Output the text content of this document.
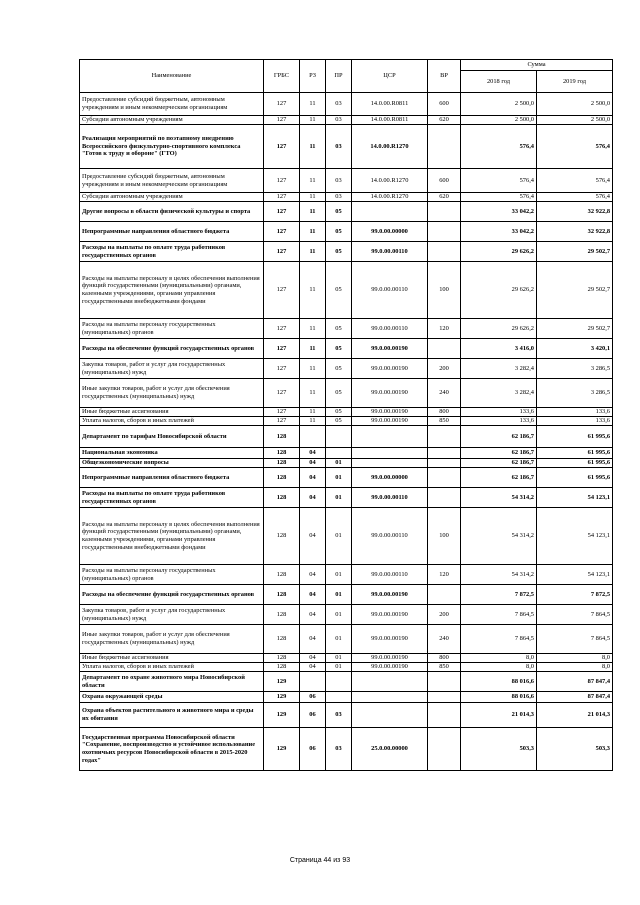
Наименование	ГРБС	РЗ	ПР	ЦСР	ВР	Сумма	
						2018 год	2019 год
Предоставление субсидий бюджетным, автономным учреждениям и иным некоммерческим организациям	127	11	03	14.0.00.R0811	600	2 500,0	2 500,0
Субсидии автономным учреждениям	127	11	03	14.0.00.R0811	620	2 500,0	2 500,0
Реализация мероприятий по поэтапному внедрению Всероссийского физкультурно-спортивного комплекса "Готов к труду и обороне" (ГТО)	127	11	03	14.0.00.R1270		576,4	576,4
Предоставление субсидий бюджетным, автономным учреждениям и иным некоммерческим организациям	127	11	03	14.0.00.R1270	600	576,4	576,4
Субсидии автономным учреждениям	127	11	03	14.0.00.R1270	620	576,4	576,4
Другие вопросы в области физической культуры и спорта	127	11	05			33 042,2	32 922,8
Непрограммные направления областного бюджета	127	11	05	99.0.00.00000		33 042,2	32 922,8
Расходы на выплаты по оплате труда работников государственных органов	127	11	05	99.0.00.00110		29 626,2	29 502,7
Расходы на выплаты персоналу в целях обеспечения выполнения функций государственными (муниципальными) органами, казенными учреждениями, органами управления государственными внебюджетными фондами	127	11	05	99.0.00.00110	100	29 626,2	29 502,7
Расходы на выплаты персоналу государственных (муниципальных) органов	127	11	05	99.0.00.00110	120	29 626,2	29 502,7
Расходы на обеспечение функций государственных органов	127	11	05	99.0.00.00190		3 416,0	3 420,1
Закупка товаров, работ и услуг для государственных (муниципальных) нужд	127	11	05	99.0.00.00190	200	3 282,4	3 286,5
Иные закупки товаров, работ и услуг для обеспечения государственных (муниципальных) нужд	127	11	05	99.0.00.00190	240	3 282,4	3 286,5
Иные бюджетные ассигнования	127	11	05	99.0.00.00190	800	133,6	133,6
Уплата налогов, сборов и иных платежей	127	11	05	99.0.00.00190	850	133,6	133,6
Департамент по тарифам Новосибирской области	128					62 186,7	61 995,6
Национальная экономика	128	04				62 186,7	61 995,6
Общеэкономические вопросы	128	04	01			62 186,7	61 995,6
Непрограммные направления областного бюджета	128	04	01	99.0.00.00000		62 186,7	61 995,6
Расходы на выплаты по оплате труда работников государственных органов	128	04	01	99.0.00.00110		54 314,2	54 123,1
Расходы на выплаты персоналу в целях обеспечения выполнения функций государственными (муниципальными) органами, казенными учреждениями, органами управления государственными внебюджетными фондами	128	04	01	99.0.00.00110	100	54 314,2	54 123,1
Расходы на выплаты персоналу государственных (муниципальных) органов	128	04	01	99.0.00.00110	120	54 314,2	54 123,1
Расходы на обеспечение функций государственных органов	128	04	01	99.0.00.00190		7 872,5	7 872,5
Закупка товаров, работ и услуг для государственных (муниципальных) нужд	128	04	01	99.0.00.00190	200	7 864,5	7 864,5
Иные закупки товаров, работ и услуг для обеспечения государственных (муниципальных) нужд	128	04	01	99.0.00.00190	240	7 864,5	7 864,5
Иные бюджетные ассигнования	128	04	01	99.0.00.00190	800	8,0	8,0
Уплата налогов, сборов и иных платежей	128	04	01	99.0.00.00190	850	8,0	8,0
Департамент по охране животного мира Новосибирской области	129					88 016,6	87 847,4
Охрана окружающей среды	129	06				88 016,6	87 847,4
Охрана объектов растительного и животного мира и среды их обитания	129	06	03			21 014,3	21 014,3
Государственная программа Новосибирской области "Сохранение, воспроизводство и устойчивое использование охотничьих ресурсов Новосибирской области в 2015-2020 годах"	129	06	03	25.0.00.00000		503,3	503,3
Страница 44 из 93
